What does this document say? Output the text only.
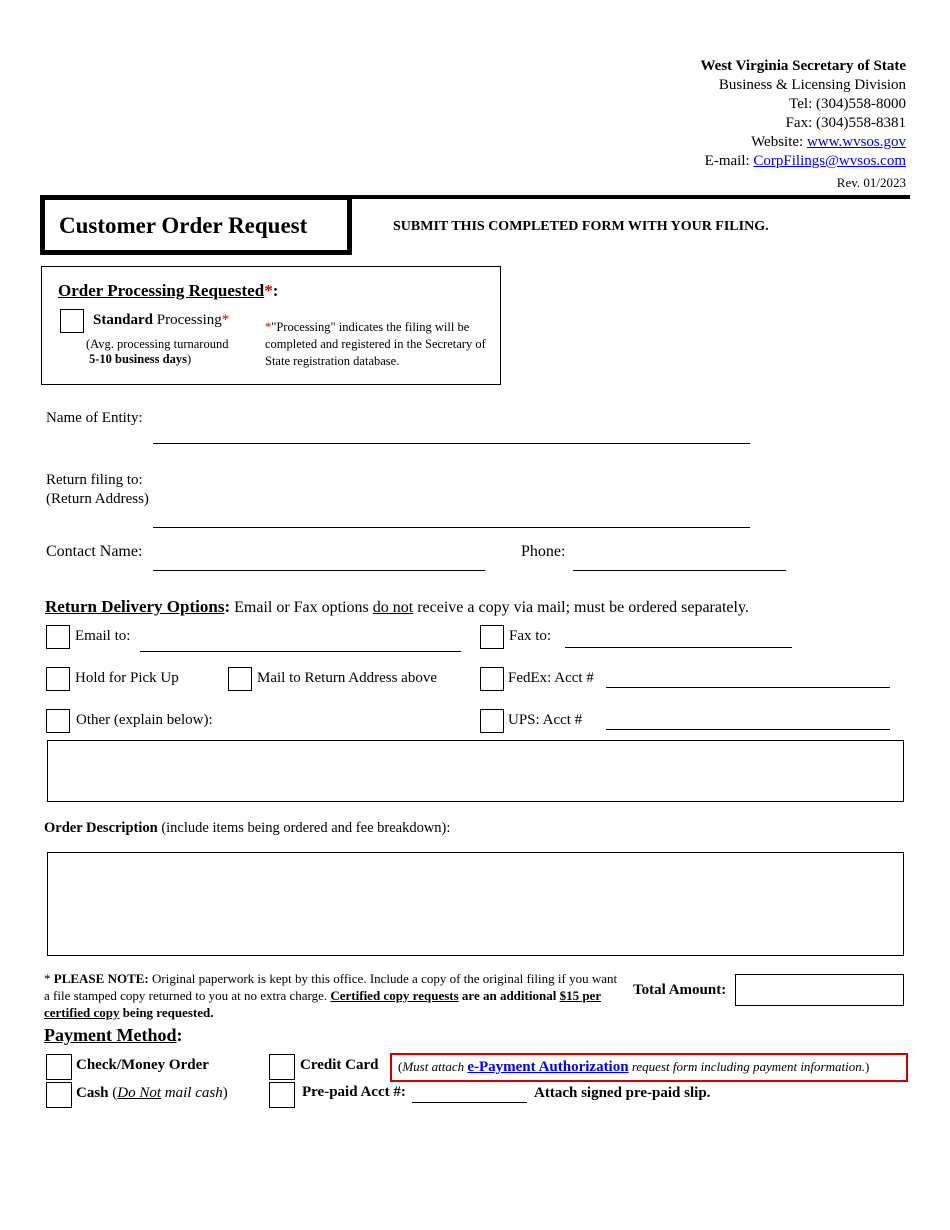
West Virginia Secretary of State
Business & Licensing Division
Tel: (304)558-8000
Fax: (304)558-8381
Website: www.wvsos.gov
E-mail: CorpFilings@wvsos.com
Rev. 01/2023
Customer Order Request	SUBMIT THIS COMPLETED FORM WITH YOUR FILING.
Order Processing Requested*:
Standard Processing*
(Avg. processing turnaround
5-10 business days)
*"Processing" indicates the filing will be completed and registered in the Secretary of State registration database.
Name of Entity:
Return filing to:
(Return Address)
Contact Name:	Phone:
Return Delivery Options: Email or Fax options do not receive a copy via mail; must be ordered separately.
Email to:	Fax to:
Hold for Pick Up	Mail to Return Address above	FedEx: Acct #
Other (explain below):	UPS: Acct #
Order Description (include items being ordered and fee breakdown):
* PLEASE NOTE: Original paperwork is kept by this office. Include a copy of the original filing if you want a file stamped copy returned to you at no extra charge. Certified copy requests are an additional $15 per certified copy being requested.
Total Amount:
Payment Method:
Check/Money Order	Credit Card	(Must attach e-Payment Authorization request form including payment information.)
Cash (Do Not mail cash)	Pre-paid Acct #:	Attach signed pre-paid slip.
